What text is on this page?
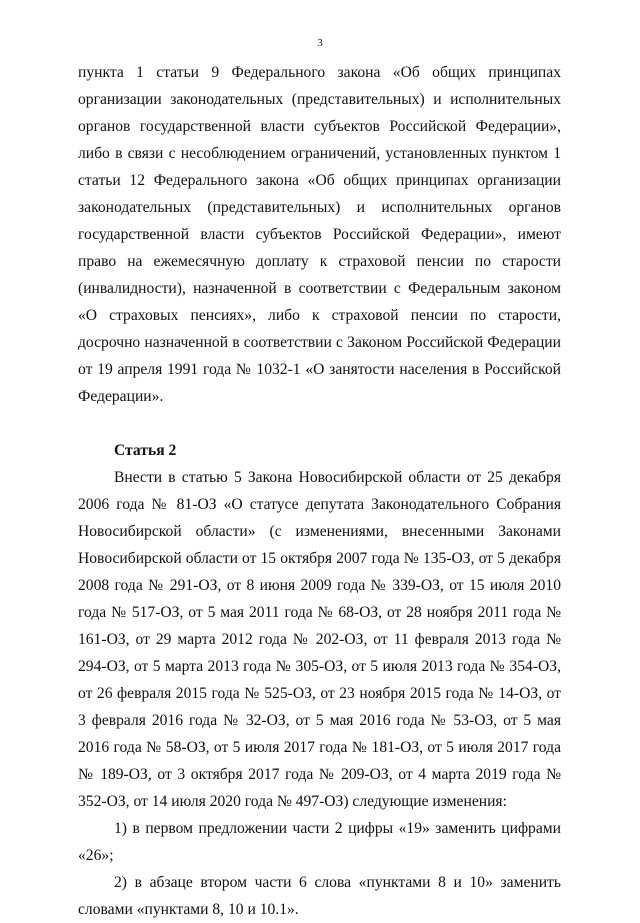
3

пункта 1 статьи 9 Федерального закона «Об общих принципах организации законодательных (представительных) и исполнительных органов государственной власти субъектов Российской Федерации», либо в связи с несоблюдением ограничений, установленных пунктом 1 статьи 12 Федерального закона «Об общих принципах организации законодательных (представительных) и исполнительных органов государственной власти субъектов Российской Федерации», имеют право на ежемесячную доплату к страховой пенсии по старости (инвалидности), назначенной в соответствии с Федеральным законом «О страховых пенсиях», либо к страховой пенсии по старости, досрочно назначенной в соответствии с Законом Российской Федерации от 19 апреля 1991 года № 1032-1 «О занятости населения в Российской Федерации».

Статья 2

Внести в статью 5 Закона Новосибирской области от 25 декабря 2006 года № 81-ОЗ «О статусе депутата Законодательного Собрания Новосибирской области» (с изменениями, внесенными Законами Новосибирской области от 15 октября 2007 года № 135-ОЗ, от 5 декабря 2008 года № 291-ОЗ, от 8 июня 2009 года № 339-ОЗ, от 15 июля 2010 года № 517-ОЗ, от 5 мая 2011 года № 68-ОЗ, от 28 ноября 2011 года № 161-ОЗ, от 29 марта 2012 года № 202-ОЗ, от 11 февраля 2013 года № 294-ОЗ, от 5 марта 2013 года № 305-ОЗ, от 5 июля 2013 года № 354-ОЗ, от 26 февраля 2015 года № 525-ОЗ, от 23 ноября 2015 года № 14-ОЗ, от 3 февраля 2016 года № 32-ОЗ, от 5 мая 2016 года № 53-ОЗ, от 5 мая 2016 года № 58-ОЗ, от 5 июля 2017 года № 181-ОЗ, от 5 июля 2017 года № 189-ОЗ, от 3 октября 2017 года № 209-ОЗ, от 4 марта 2019 года № 352-ОЗ, от 14 июля 2020 года № 497-ОЗ) следующие изменения:

1) в первом предложении части 2 цифры «19» заменить цифрами «26»;

2) в абзаце втором части 6 слова «пунктами 8 и 10» заменить словами «пунктами 8, 10 и 10.1».
